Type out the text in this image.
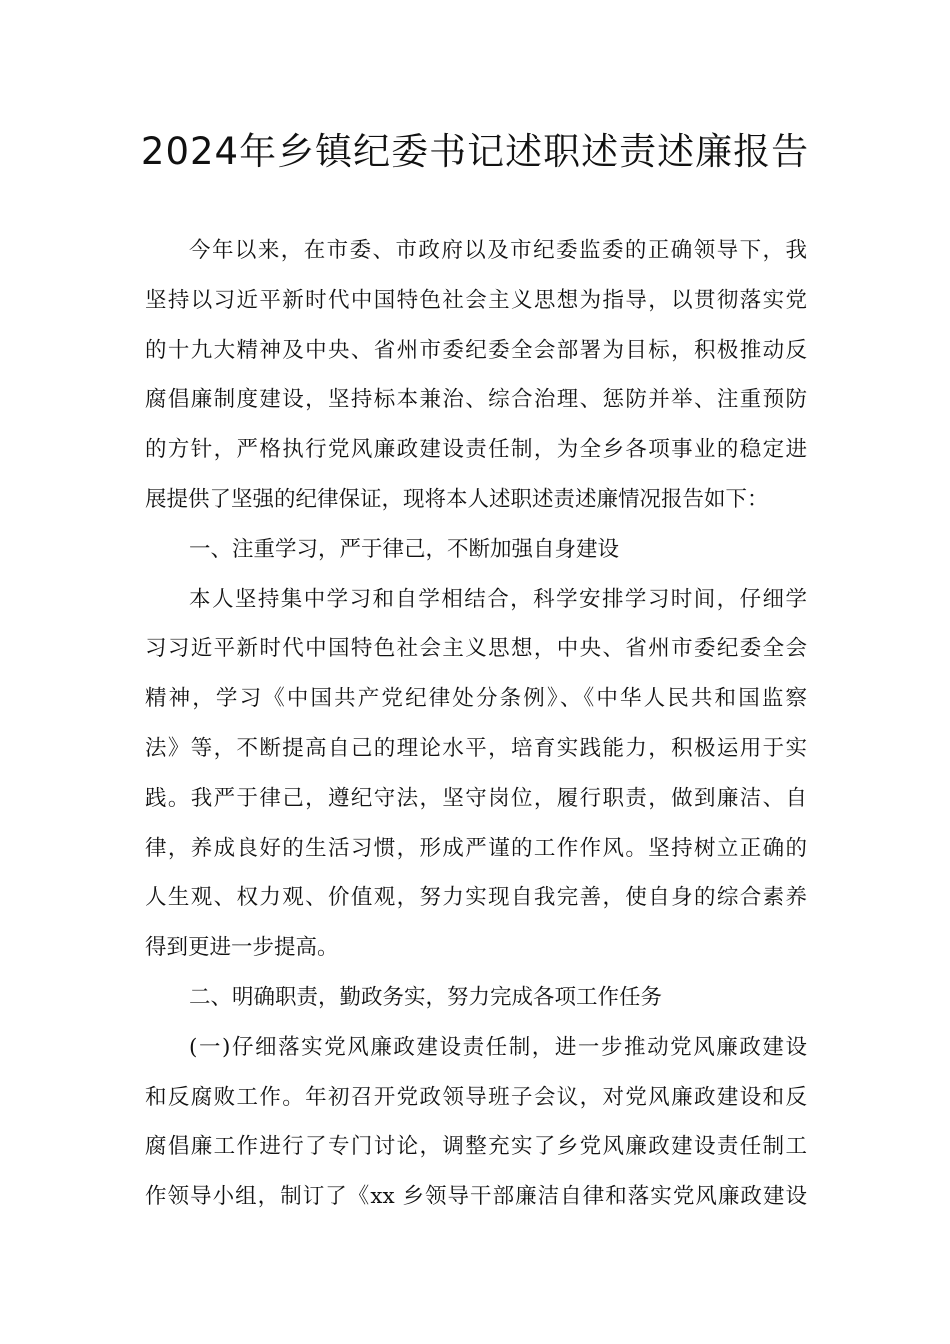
2024年乡镇纪委书记述职述责述廉报告
今年以来，在市委、市政府以及市纪委监委的正确领导下，我
坚持以习近平新时代中国特色社会主义思想为指导，以贯彻落实党
的十九大精神及中央、省州市委纪委全会部署为目标，积极推动反
腐倡廉制度建设，坚持标本兼治、综合治理、惩防并举、注重预防
的方针，严格执行党风廉政建设责任制，为全乡各项事业的稳定进
展提供了坚强的纪律保证，现将本人述职述责述廉情况报告如下：
一、注重学习，严于律己，不断加强自身建设
本人坚持集中学习和自学相结合，科学安排学习时间，仔细学
习习近平新时代中国特色社会主义思想，中央、省州市委纪委全会
精神，学习《中国共产党纪律处分条例》、《中华人民共和国监察
法》等，不断提高自己的理论水平，培育实践能力，积极运用于实
践。我严于律己，遵纪守法，坚守岗位，履行职责，做到廉洁、自
律，养成良好的生活习惯，形成严谨的工作作风。坚持树立正确的
人生观、权力观、价值观，努力实现自我完善，使自身的综合素养
得到更进一步提高。
二、明确职责，勤政务实，努力完成各项工作任务
(一)仔细落实党风廉政建设责任制，进一步推动党风廉政建设
和反腐败工作。年初召开党政领导班子会议，对党风廉政建设和反
腐倡廉工作进行了专门讨论，调整充实了乡党风廉政建设责任制工
作领导小组，制订了《xx 乡领导干部廉洁自律和落实党风廉政建设
